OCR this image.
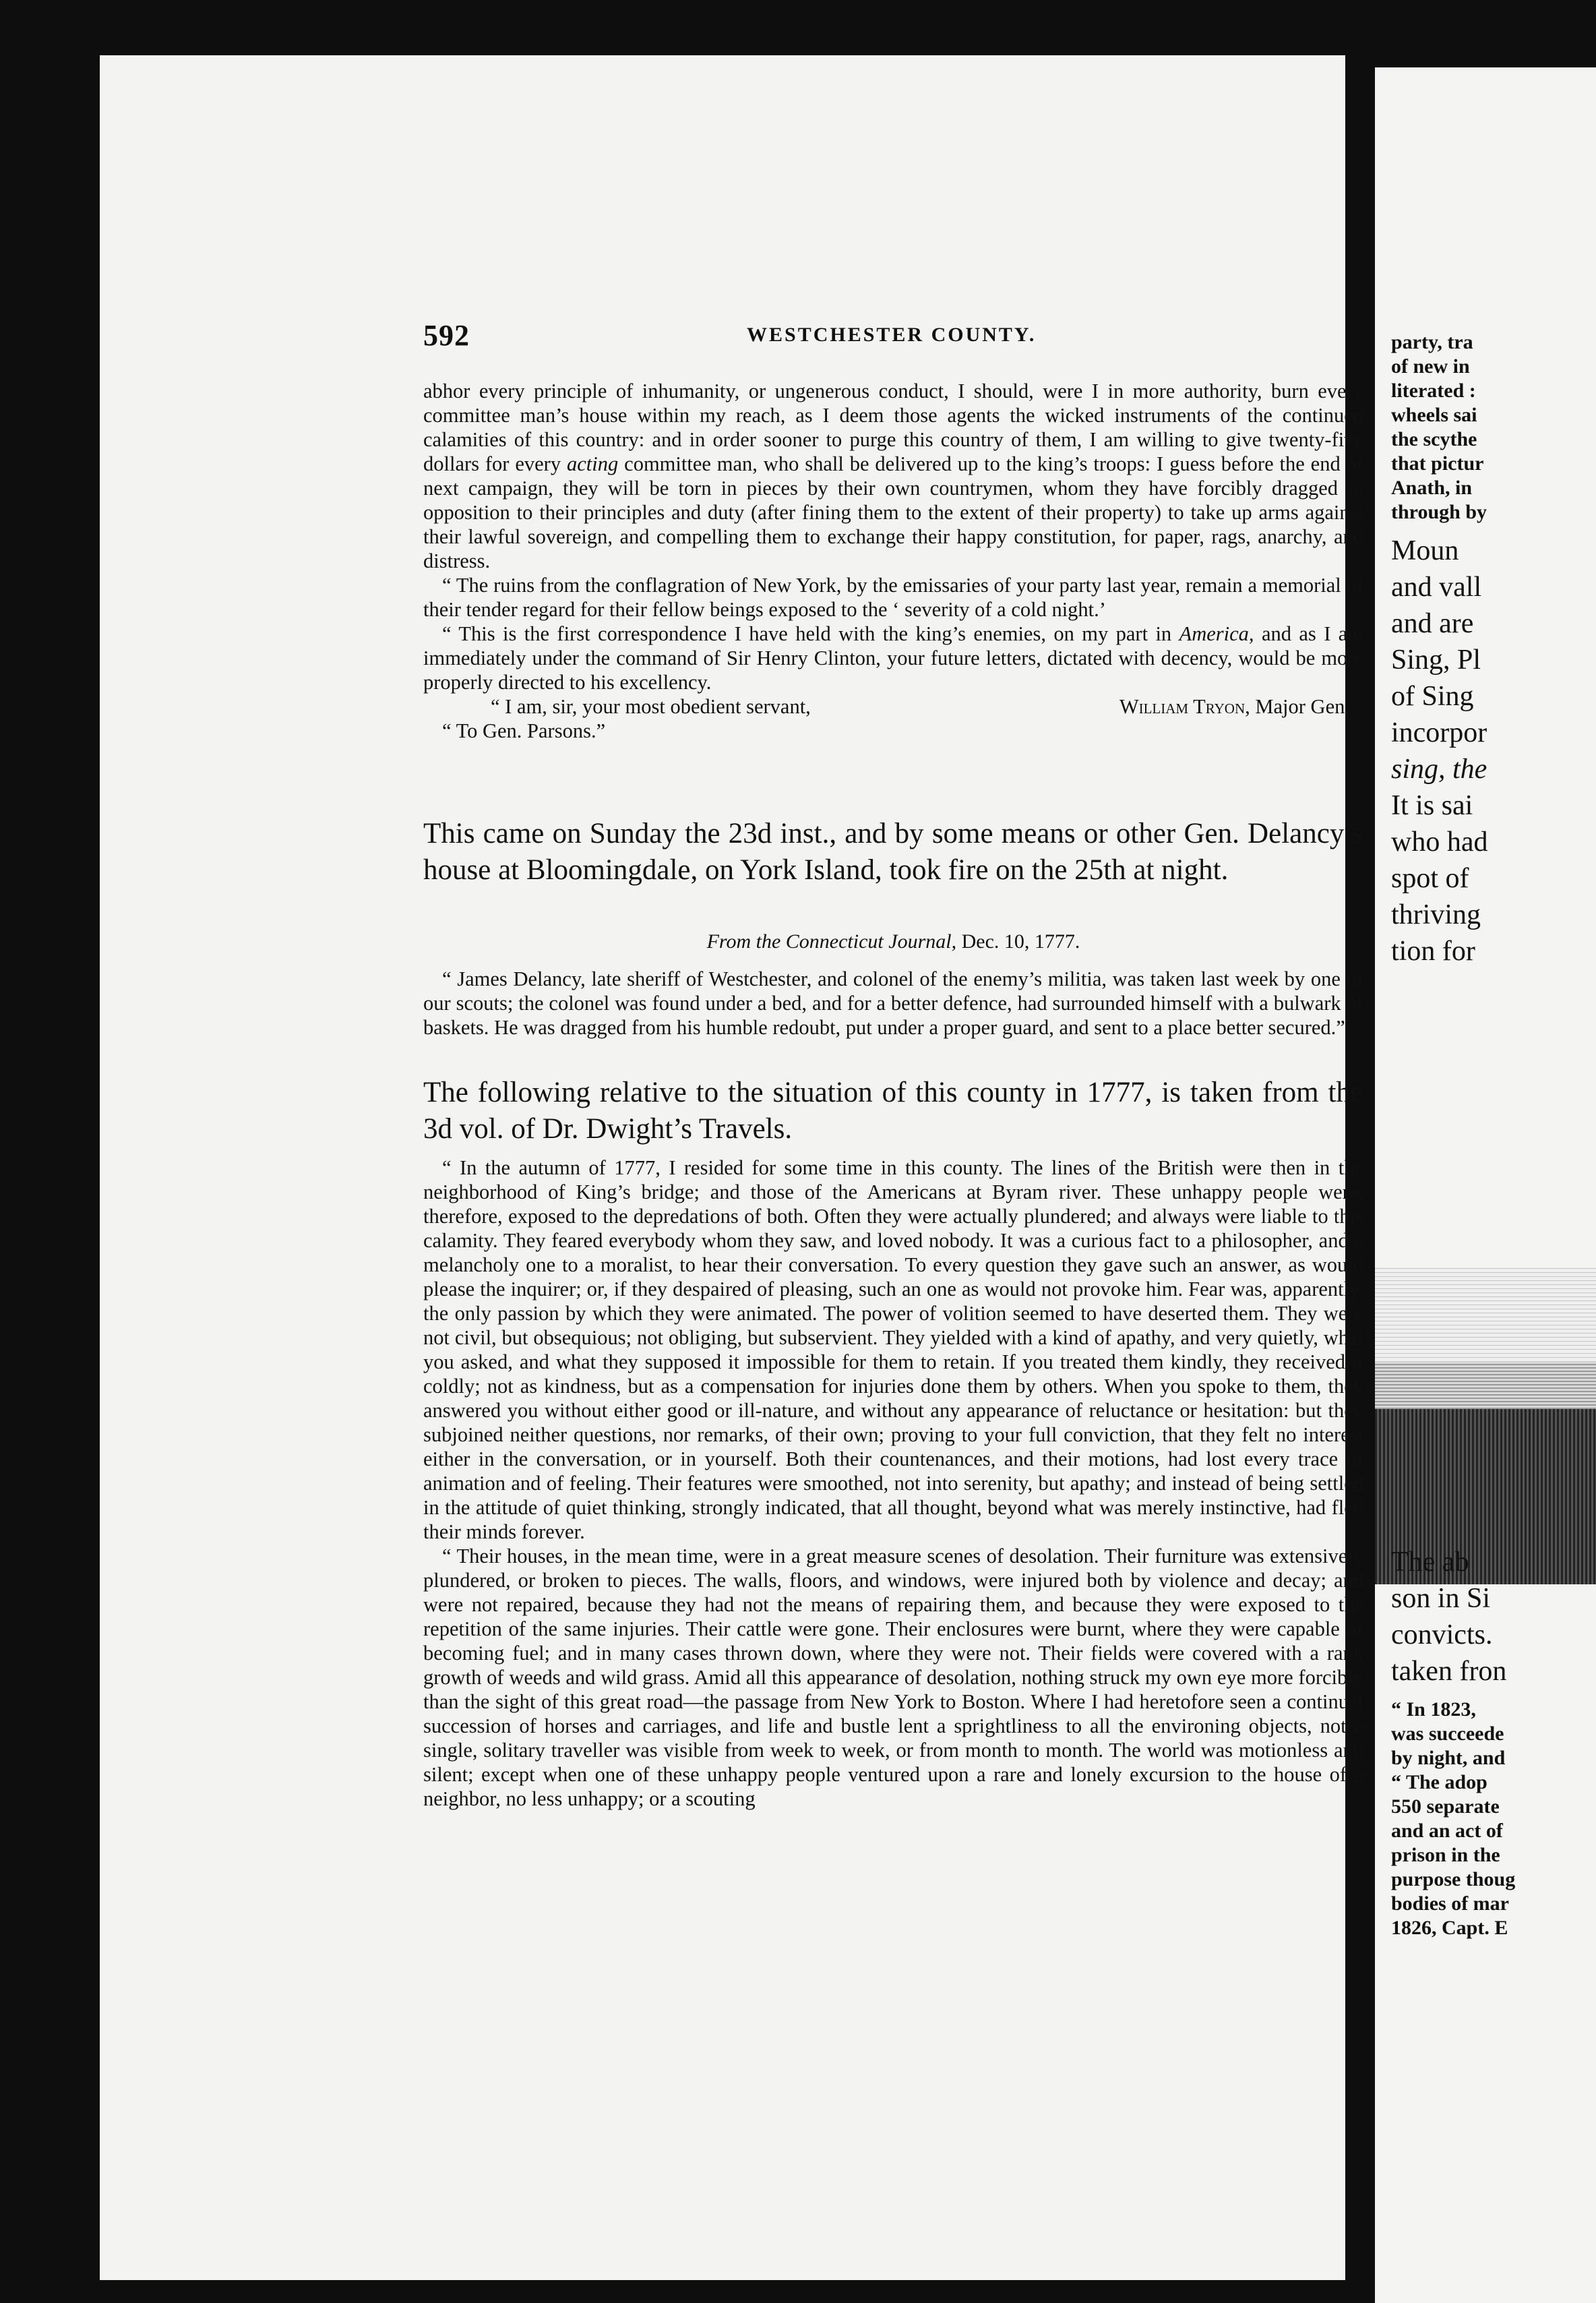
592	WESTCHESTER COUNTY.

abhor every principle of inhumanity, or ungenerous conduct, I should, were I in more authority, burn every committee man’s house within my reach, as I deem those agents the wicked instruments of the continued calamities of this country: and in order sooner to purge this country of them, I am willing to give twenty-five dollars for every acting committee man, who shall be delivered up to the king’s troops: I guess before the end of next campaign, they will be torn in pieces by their own countrymen, whom they have forcibly dragged in opposition to their principles and duty (after fining them to the extent of their property) to take up arms against their lawful sovereign, and compelling them to exchange their happy constitution, for paper, rags, anarchy, and distress.

“ The ruins from the conflagration of New York, by the emissaries of your party last year, remain a memorial of their tender regard for their fellow beings exposed to the ‘ severity of a cold night.’

“ This is the first correspondence I have held with the king’s enemies, on my part in America, and as I am immediately under the command of Sir Henry Clinton, your future letters, dictated with decency, would be more properly directed to his excellency.

“ I am, sir, your most obedient servant,	William Tryon, Major Gen.

“ To Gen. Parsons.”

This came on Sunday the 23d inst., and by some means or other Gen. Delancy’s house at Bloomingdale, on York Island, took fire on the 25th at night.

From the Connecticut Journal, Dec. 10, 1777.

“ James Delancy, late sheriff of Westchester, and colonel of the enemy’s militia, was taken last week by one of our scouts; the colonel was found under a bed, and for a better defence, had surrounded himself with a bulwark of baskets. He was dragged from his humble redoubt, put under a proper guard, and sent to a place better secured.”

The following relative to the situation of this county in 1777, is taken from the 3d vol. of Dr. Dwight’s Travels.

“ In the autumn of 1777, I resided for some time in this county. The lines of the British were then in the neighborhood of King’s bridge; and those of the Americans at Byram river. These unhappy people were, therefore, exposed to the depredations of both. Often they were actually plundered; and always were liable to this calamity. They feared everybody whom they saw, and loved nobody. It was a curious fact to a philosopher, and a melancholy one to a moralist, to hear their conversation. To every question they gave such an answer, as would please the inquirer; or, if they despaired of pleasing, such an one as would not provoke him. Fear was, apparently, the only passion by which they were animated. The power of volition seemed to have deserted them. They were not civil, but obsequious; not obliging, but subservient. They yielded with a kind of apathy, and very quietly, what you asked, and what they supposed it impossible for them to retain. If you treated them kindly, they received it coldly; not as kindness, but as a compensation for injuries done them by others. When you spoke to them, they answered you without either good or ill-nature, and without any appearance of reluctance or hesitation: but they subjoined neither questions, nor remarks, of their own; proving to your full conviction, that they felt no interest either in the conversation, or in yourself. Both their countenances, and their motions, had lost every trace of animation and of feeling. Their features were smoothed, not into serenity, but apathy; and instead of being settled in the attitude of quiet thinking, strongly indicated, that all thought, beyond what was merely instinctive, had fled their minds forever.

“ Their houses, in the mean time, were in a great measure scenes of desolation. Their furniture was extensively plundered, or broken to pieces. The walls, floors, and windows, were injured both by violence and decay; and were not repaired, because they had not the means of repairing them, and because they were exposed to the repetition of the same injuries. Their cattle were gone. Their enclosures were burnt, where they were capable of becoming fuel; and in many cases thrown down, where they were not. Their fields were covered with a rank growth of weeds and wild grass. Amid all this appearance of desolation, nothing struck my own eye more forcibly than the sight of this great road—the passage from New York to Boston. Where I had heretofore seen a continual succession of horses and carriages, and life and bustle lent a sprightliness to all the environing objects, not a single, solitary traveller was visible from week to week, or from month to month. The world was motionless and silent; except when one of these unhappy people ventured upon a rare and lonely excursion to the house of a neighbor, no less unhappy; or a scouting

party, tra
of new in
literated :
wheels sai
the scythe
that pictur
Anath, in
through by
Moun
and vall
and are
Sing, Pl
of Sing
incorpor
sing, the
It is sai
who had
spot of
thriving
tion for
The ab
son in Si
convicts.
taken fron
“ In 1823,
was succeede
by night, and
“ The adop
550 separate
and an act of
prison in the
purpose thoug
bodies of mar
1826, Capt. E
